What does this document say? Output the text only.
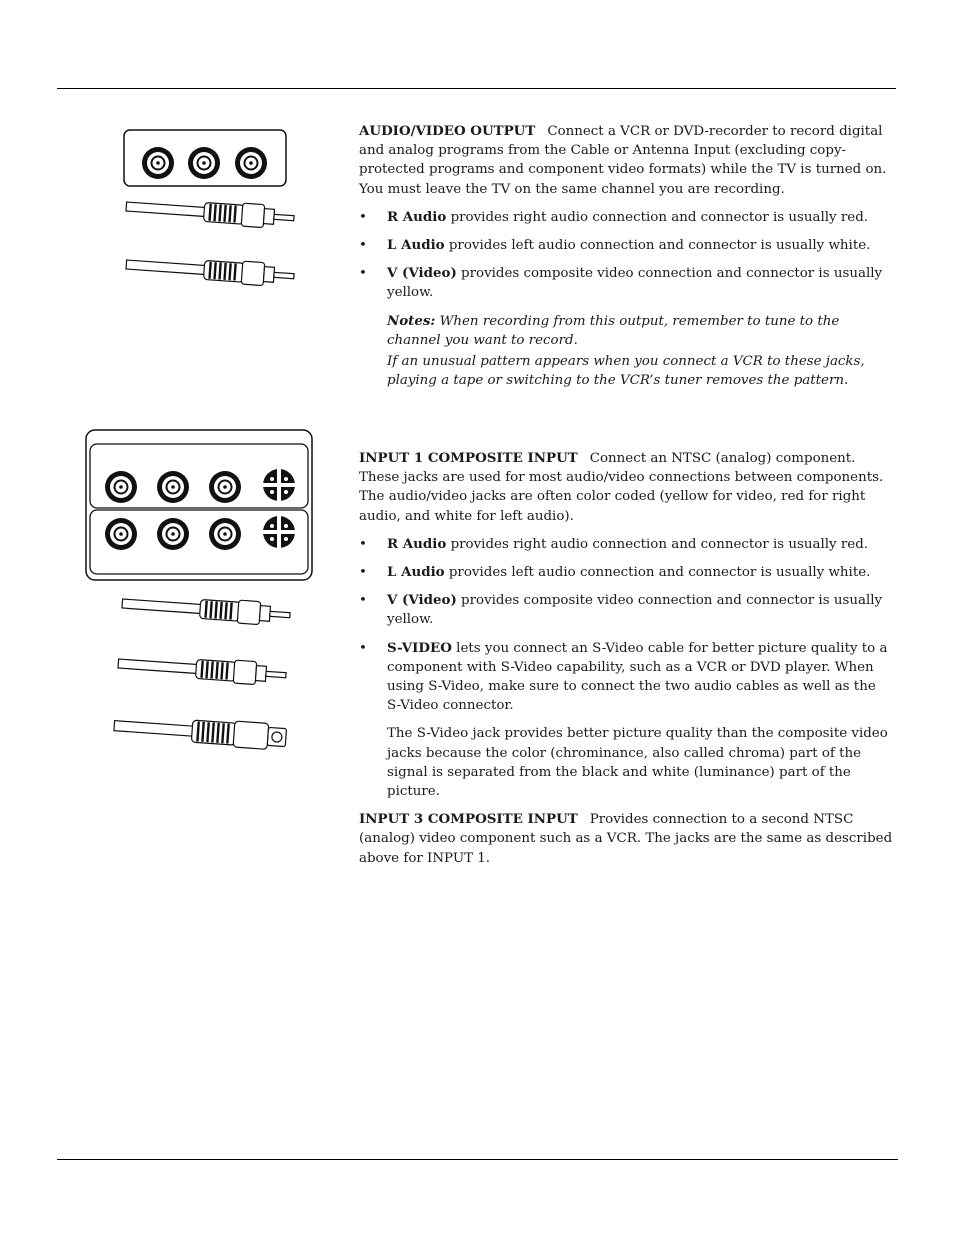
AUDIO/VIDEO OUTPUT Connect a VCR or DVD-recorder to record digital and analog programs from the Cable or Antenna Input (excluding copy-protected programs and component video formats) while the TV is turned on. You must leave the TV on the same channel you are recording.

• R Audio provides right audio connection and connector is usually red.
• L Audio provides left audio connection and connector is usually white.
• V (Video) provides composite video connection and connector is usually yellow.

Notes: When recording from this output, remember to tune to the channel you want to record.

If an unusual pattern appears when you connect a VCR to these jacks, playing a tape or switching to the VCR’s tuner removes the pattern.

INPUT 1 COMPOSITE INPUT Connect an NTSC (analog) component. These jacks are used for most audio/video connections between components. The audio/video jacks are often color coded (yellow for video, red for right audio, and white for left audio).

• R Audio provides right audio connection and connector is usually red.
• L Audio provides left audio connection and connector is usually white.
• V (Video) provides composite video connection and connector is usually yellow.
• S-VIDEO lets you connect an S-Video cable for better picture quality to a component with S-Video capability, such as a VCR or DVD player. When using S-Video, make sure to connect the two audio cables as well as the S-Video connector.

The S-Video jack provides better picture quality than the composite video jacks because the color (chrominance, also called chroma) part of the signal is separated from the black and white (luminance) part of the picture.

INPUT 3 COMPOSITE INPUT Provides connection to a second NTSC (analog) video component such as a VCR. The jacks are the same as described above for INPUT 1.
